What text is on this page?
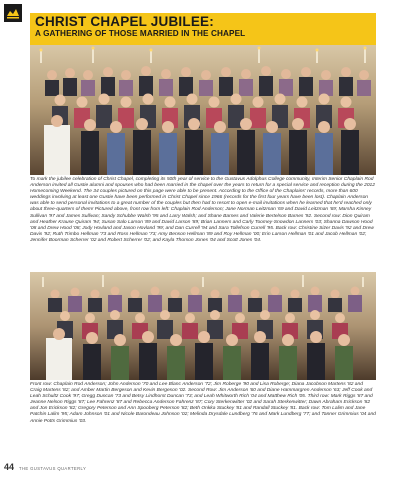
CHRIST CHAPEL JUBILEE:
A GATHERING OF THOSE MARRIED IN THE CHAPEL
To mark the jubilee celebration of Christ Chapel, completing its 50th year of service to the Gustavus Adolphus College community, Interim Senior Chaplain Rod Anderson invited all Gustie alumni and spouses who had been married in the chapel over the years to return for a special service and reception during the 2012 Homecoming Weekend. The 34 couples pictured on this page were able to be present. According to the Office of the Chaplains' records, more than 600 weddings involving at least one Gustie have been performed in Christ Chapel since 1966 (records for the first four years have been lost). Chaplain Anderson was able to send personal invitations to a great number of the couples but then had to resort to open e-mail invitations when he learned that he'd reached only about three-quarters of them! Pictured above, front row from left: Chaplain Rod Anderson; Jane Norman Leitzman '69 and David Leitzman '69; Marsha Kinney Sullivan '97 and James Sullivan; Sandy Schubbe Walsh '95 and Larry Walsh; and Shane Barnes and Valerie Bertelson Barnes '92. Second row: Dion Quiram and Heather Krause Quiram '94; Susan Salo Larson '89 and David Larson '89; Brian Lanners and Carly Toomey-Snowdon Lanners '03; Shanna Dawson Hood '08 and Drew Hood '08; Jody Hovland and Jason Hovland '99; and Dan Currell '94 and Sara Tollefson Currell '95. Back row: Christine Sizer Davis '92 and Drew Davis '92; Ruth Trimbo Hellman '73 and Ross Hellman '73; Amy Benson Hellman '89 and Roy Hellman '00; Erin Larson Hellman '01 and Jacob Hellman '02; Jennifer Boorman Scherrer '02 and Robert Scherrer '02; and Kayla Thorson Jones '04 and Scott Jones '04.
Front row: Chaplain Rod Anderson; John Anderson '70 and Lee Blanc Anderson '72; Jim Roberge '90 and Lisa Roberge; Diana Jacobson Martens '82 and Craig Martens '82; and Amber Martin Bergeson and Kevin Bergeson '02. Second Row: Jim Anderson '60 and Diane Hammargren Anderson '63; Jeff Cook and Leah Schultz Cook '97; Gregg Duncan '73 and Betsy Lindhorst Duncan '73; and Leah Whitworth Rich '04 and Matthew Rich '05. Third row: Mark Riggs '87 and Jeanne Nelson Riggs '87; Lee Fahrenz '87 and Rebecca Anderson Fahrenz '87; Cory Sterkenwitter '02 and Sarah Sterkenwitter; Dawn Abraham Erickson '82 and Jon Erickson '82; Gregory Peterson and Ann Spooberg Peterson '82; Beth Onkka Stuckey '81 and Randall Stuckey '81. Back row: Tom Lalim and Jane Patchin Lalim '95; Adam Johnson '01 and Nicole Barondeau Johnson '02; Melinda Drysdale Lundberg '76 and Mark Lundberg '77; and Tanner Grimmius '04 and Annie Potts Grimmius '03.
44 THE GUSTAVUS QUARTERLY
